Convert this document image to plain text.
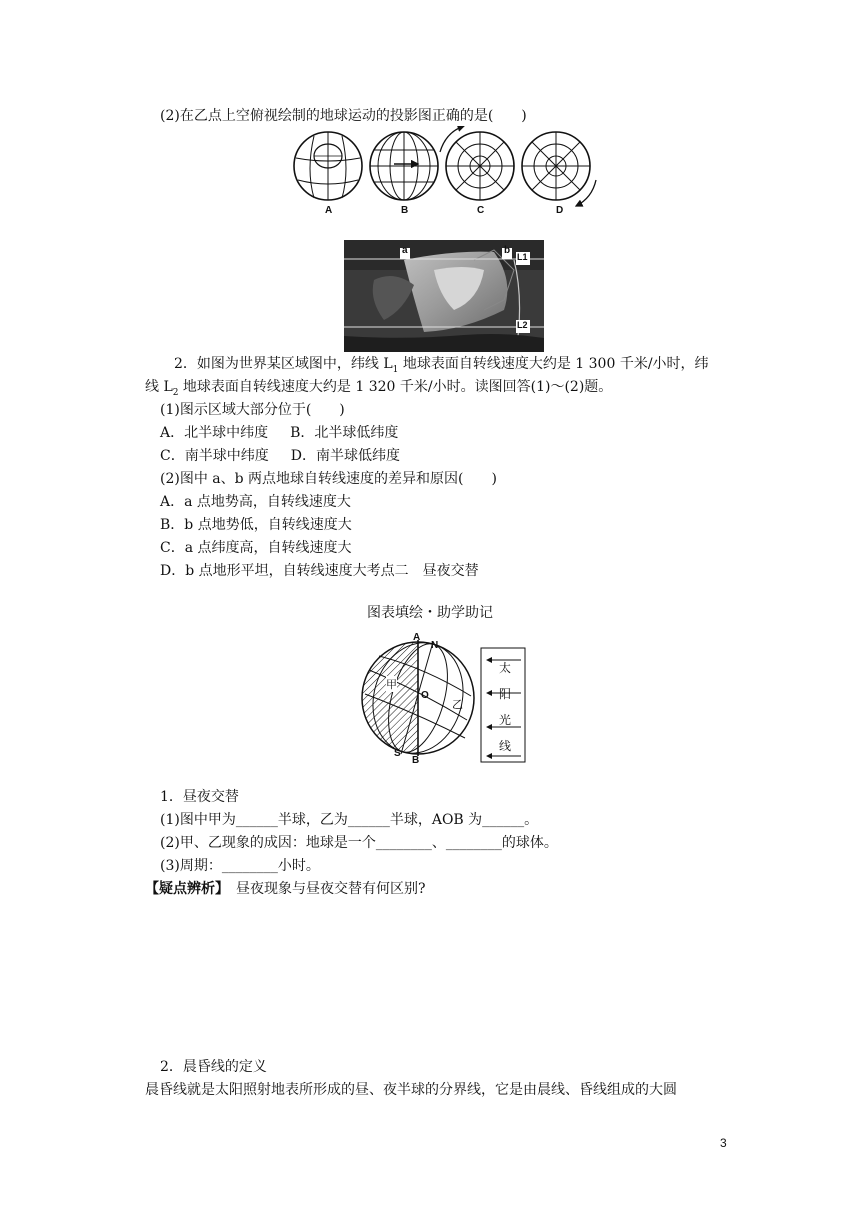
(2)在乙点上空俯视绘制的地球运动的投影图正确的是(　　)
A	B	C	D
a	b
L1
L2
2．如图为世界某区域图中，纬线 $L_1$ 地球表面自转线速度大约是 1 300 千米/小时，纬
线 $L_2$ 地球表面自转线速度大约是 1 320 千米/小时。读图回答(1)～(2)题。
(1)图示区域大部分位于(　　)
A．北半球中纬度 B．北半球低纬度
C．南半球中纬度 D．南半球低纬度
(2)图中 a、b 两点地球自转线速度的差异和原因(　　)
A．a 点地势高，自转线速度大
B．b 点地势低，自转线速度大
C．a 点纬度高，自转线速度大
D．b 点地形平坦，自转线速度大考点二　昼夜交替
图表填绘・助学助记
A
N
O
甲
乙
S
B
太
阳
光
线
1．昼夜交替
(1)图中甲为______半球，乙为______半球，AOB 为______。
(2)甲、乙现象的成因：地球是一个________、________的球体。
(3)周期：________小时。
【疑点辨析】　昼夜现象与昼夜交替有何区别?
2．晨昏线的定义
晨昏线就是太阳照射地表所形成的昼、夜半球的分界线，它是由晨线、昏线组成的大圆
3
